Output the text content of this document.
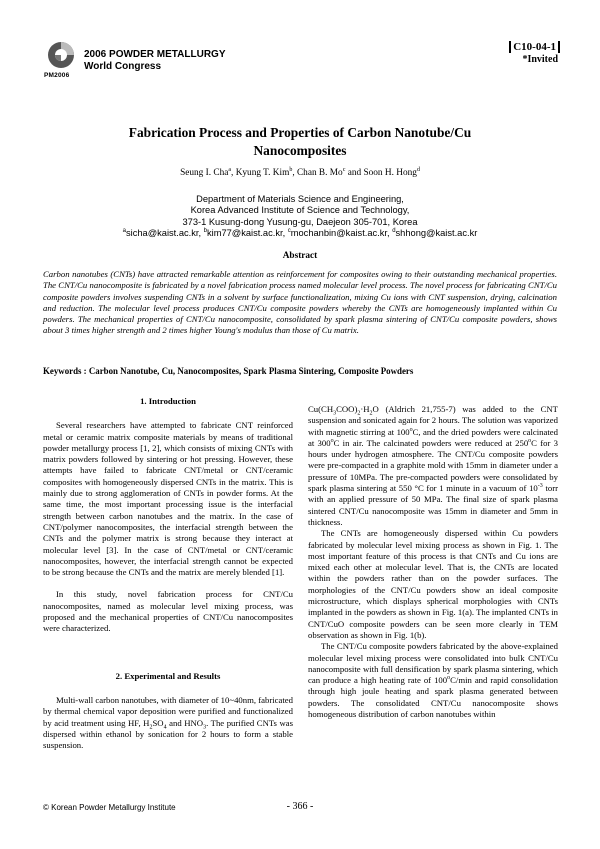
2006 POWDER METALLURGY
World Congress
PM2006
C10-04-1
*Invited
Fabrication Process and Properties of Carbon Nanotube/Cu
Nanocomposites
Seung I. Cha$^a$, Kyung T. Kim$^b$, Chan B. Mo$^c$ and Soon H. Hong$^d$
Department of Materials Science and Engineering,
Korea Advanced Institute of Science and Technology,
373-1 Kusung-dong Yusung-gu, Daejeon 305-701, Korea
$^a$sicha@kaist.ac.kr, $^b$kim77@kaist.ac.kr, $^c$mochanbin@kaist.ac.kr, $^d$shhong@kaist.ac.kr
Abstract
Carbon nanotubes (CNTs) have attracted remarkable attention as reinforcement for composites owing to their outstanding mechanical properties. The CNT/Cu nanocomposite is fabricated by a novel fabrication process named molecular level process. The novel process for fabricating CNT/Cu composite powders involves suspending CNTs in a solvent by surface functionalization, mixing Cu ions with CNT suspension, drying, calcination and reduction. The molecular level process produces CNT/Cu composite powders whereby the CNTs are homogeneously implanted within Cu powders. The mechanical properties of CNT/Cu nanocomposite, consolidated by spark plasma sintering of CNT/Cu composite powders, shows about 3 times higher strength and 2 times higher Young's modulus than those of Cu matrix.
Keywords : Carbon Nanotube, Cu, Nanocomposites, Spark Plasma Sintering, Composite Powders
1. Introduction

Several researchers have attempted to fabricate CNT reinforced metal or ceramic matrix composite materials by means of traditional powder metallurgy process [1, 2], which consists of mixing CNTs with matrix powders followed by sintering or hot pressing. However, these attempts have failed to fabricate CNT/metal or CNT/ceramic composites with homogeneously dispersed CNTs in the matrix. This is mainly due to strong agglomeration of CNTs in powder forms. At the same time, the most important processing issue is the interfacial strength between carbon nanotubes and the matrix. In the case of CNT/polymer nanocomposites, the interfacial strength between the CNTs and the polymer matrix is strong because they interact at molecular level [3]. In the case of CNT/metal or CNT/ceramic nanocomposites, however, the interfacial strength cannot be expected to be strong because the CNTs and the matrix are merely blended [1].

In this study, novel fabrication process for CNT/Cu nanocomposites, named as molecular level mixing process, was proposed and the mechanical properties of CNT/Cu nanocomposites were characterized.

2. Experimental and Results

Multi-wall carbon nanotubes, with diameter of 10~40nm, fabricated by thermal chemical vapor deposition were purified and functionalized by acid treatment using HF, $H_2SO_4$ and $HNO_3$. The purified CNTs was dispersed within ethanol by sonication for 2 hours to form a stable suspension.

$Cu(CH_3COO)_2\cdot H_2O$ (Aldrich 21,755-7) was added to the CNT suspension and sonicated again for 2 hours. The solution was vaporized with magnetic stirring at 100$^o$C, and the dried powders were calcinated at 300$^o$C in air. The calcinated powders were reduced at 250$^o$C for 3 hours under hydrogen atmosphere. The CNT/Cu composite powders were pre-compacted in a graphite mold with 15mm in diameter under a pressure of 10MPa. The pre-compacted powders were consolidated by spark plasma sintering at 550 °C for 1 minute in a vacuum of $10^{-3}$ torr with an applied pressure of 50 MPa. The final size of spark plasma sintered CNT/Cu nanocomposite was 15mm in diameter and 5mm in thickness.

The CNTs are homogeneously dispersed within Cu powders fabricated by molecular level mixing process as shown in Fig. 1. The most important feature of this process is that CNTs and Cu ions are mixed each other at molecular level. That is, the CNTs are located within the powders rather than on the powder surfaces. The morphologies of the CNT/Cu powders show an ideal composite microstructure, which displays spherical morphologies with CNTs implanted in the powders as shown in Fig. 1(a). The implanted CNTs in CNT/CuO composite powders can be seen more clearly in TEM observation as shown in Fig. 1(b).

The CNT/Cu composite powders fabricated by the above-explained molecular level mixing process were consolidated into bulk CNT/Cu nanocomposite with full densification by spark plasma sintering, which can produce a high heating rate of 100$^o$C/min and rapid consolidation through high joule heating and spark plasma generated between powders. The consolidated CNT/Cu nanocomposite shows homogeneous distribution of carbon nanotubes within

© Korean Powder Metallurgy Institute	- 366 -
